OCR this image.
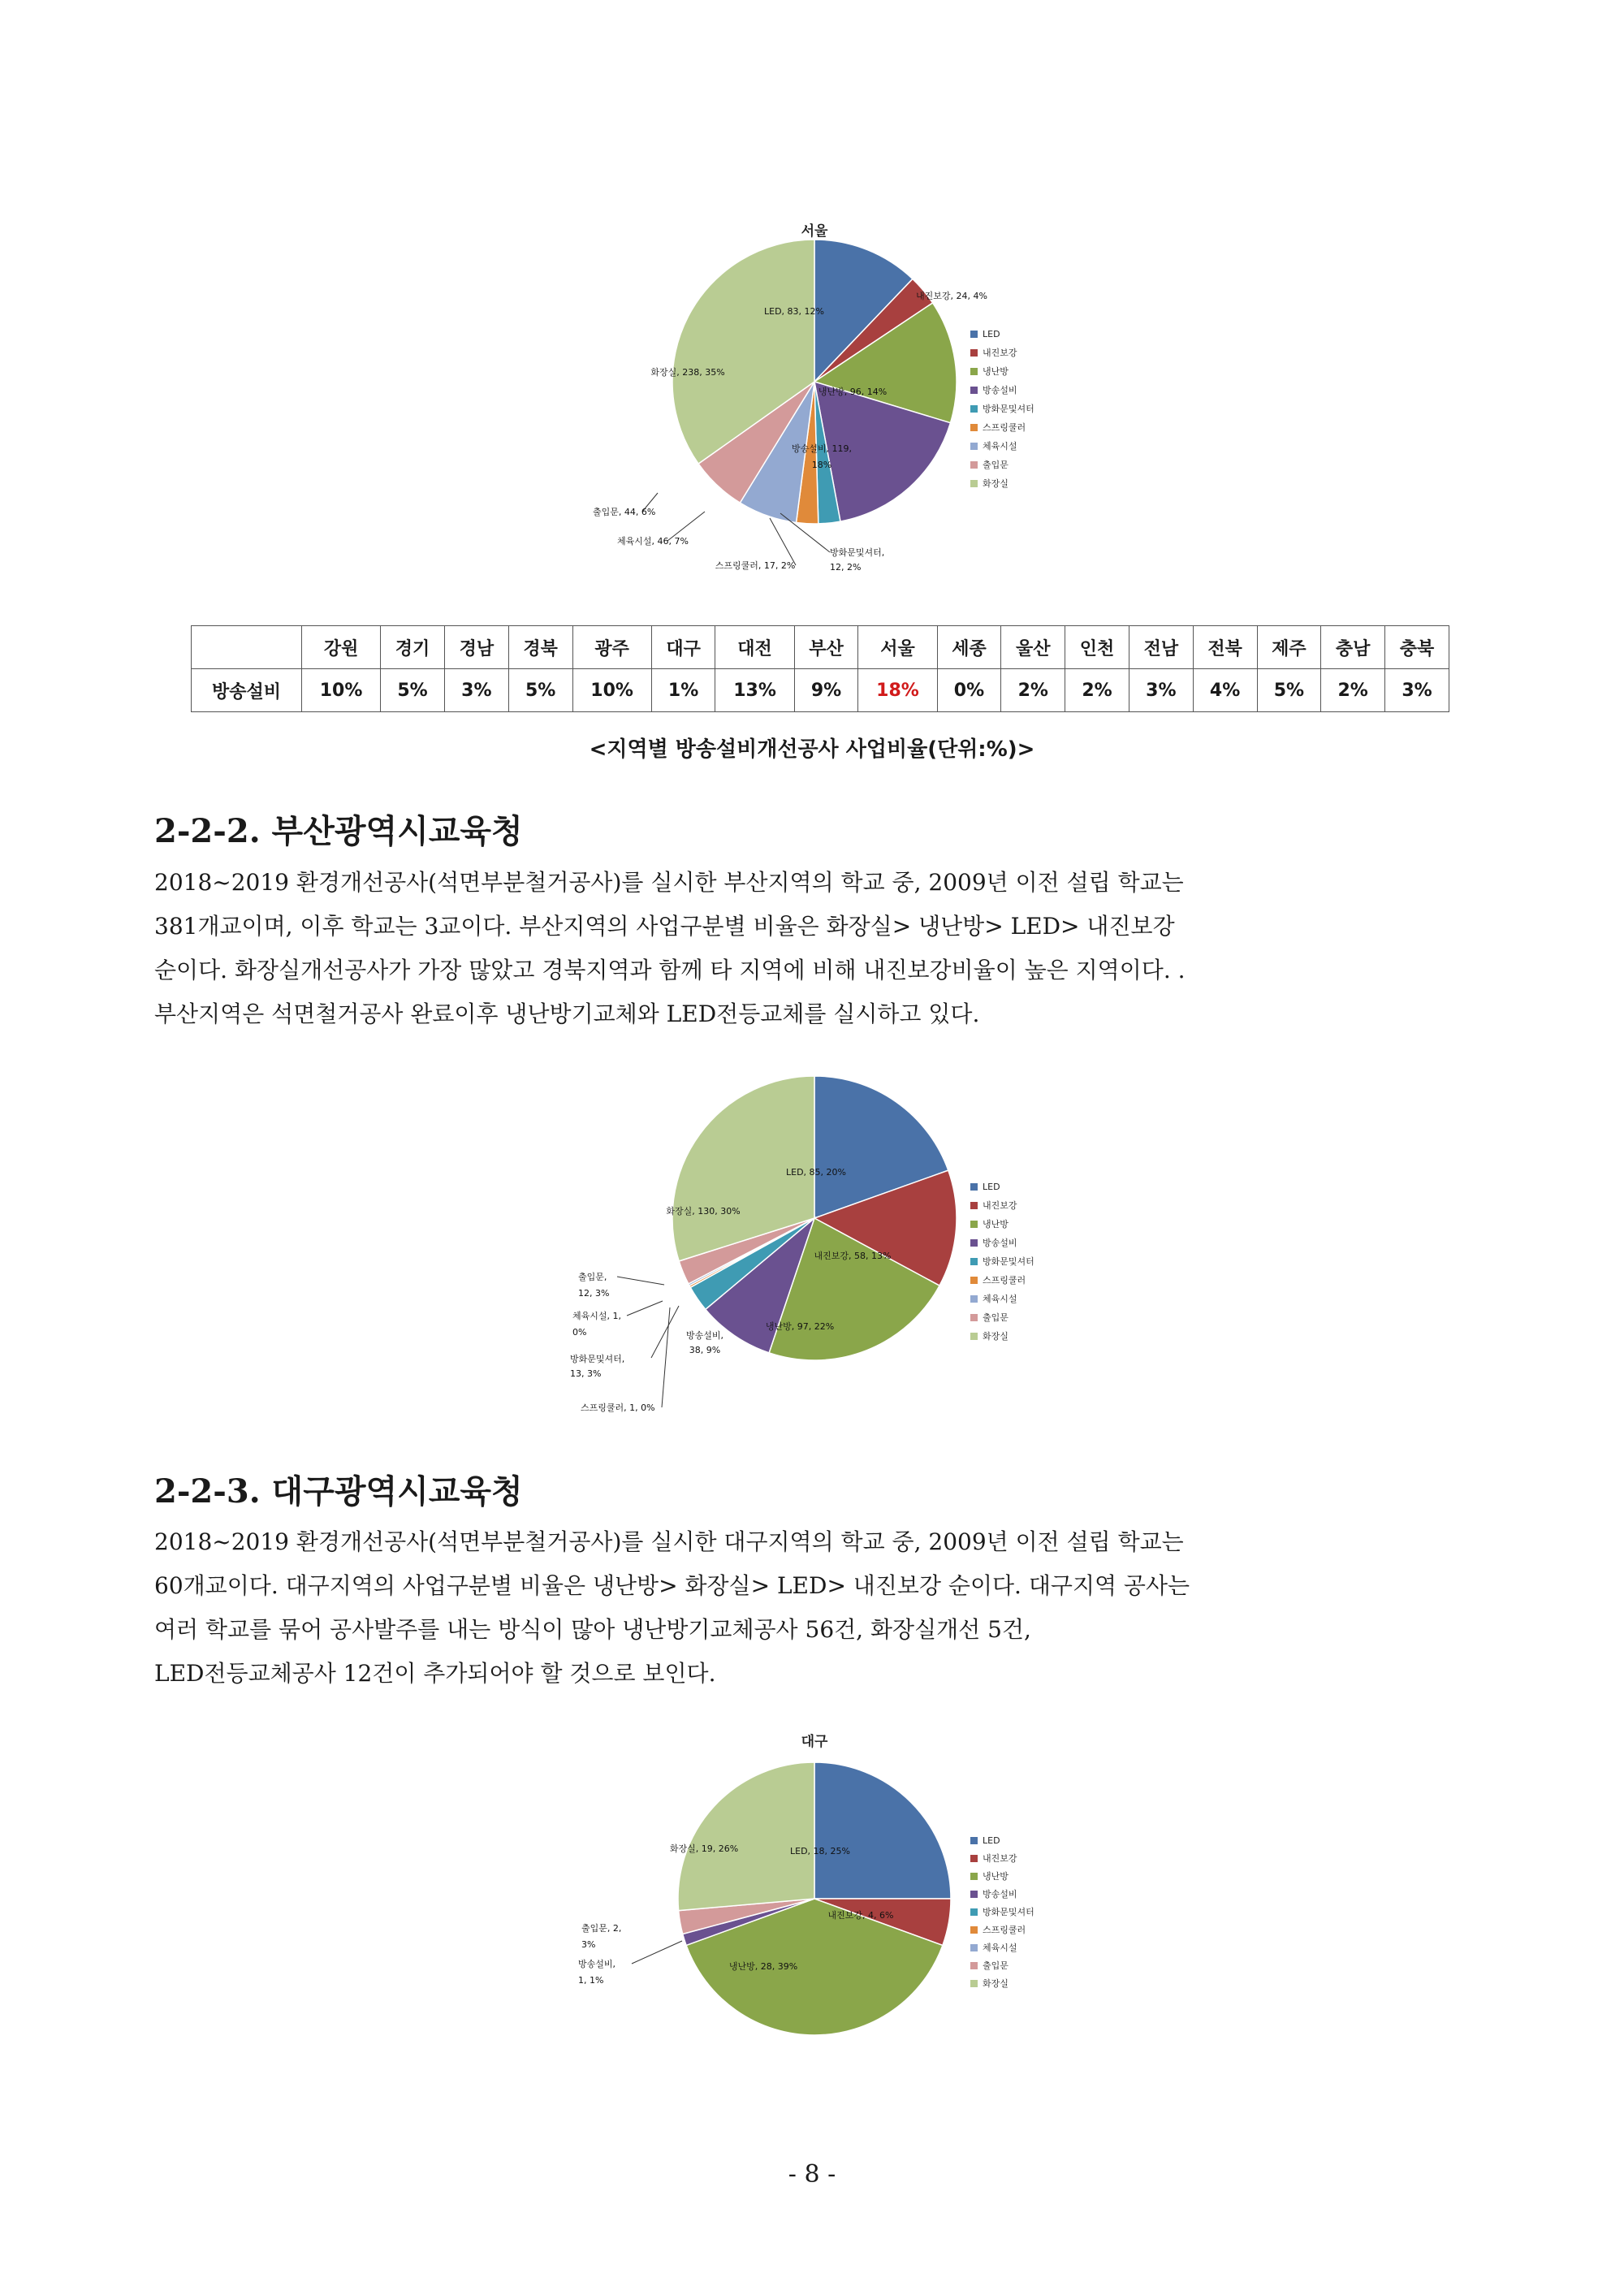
서울
LED, 83, 12%
내진보강, 24, 4%
냉난방, 96, 14%
방송설비, 119, 18%
방화문및셔터, 12, 2%
스프링쿨러, 17, 2%
체육시설, 46, 7%
출입문, 44, 6%
화장실, 238, 35%
LED
내진보강
냉난방
방송설비
방화문및셔터
스프링쿨러
체육시설
출입문
화장실
	강원	경기	경남	경북	광주	대구	대전	부산	서울	세종	울산	인천	전남	전북	제주	충남	충북
방송설비	10%	5%	3%	5%	10%	1%	13%	9%	18%	0%	2%	2%	3%	4%	5%	2%	3%
<지역별 방송설비개선공사 사업비율(단위:%)>
2-2-2. 부산광역시교육청

2018~2019 환경개선공사(석면부분철거공사)를 실시한 부산지역의 학교 중, 2009년 이전 설립 학교는

381개교이며, 이후 학교는 3교이다. 부산지역의 사업구분별 비율은 화장실> 냉난방> LED> 내진보강

순이다. 화장실개선공사가 가장 많았고 경북지역과 함께 타 지역에 비해 내진보강비율이 높은 지역이다. .

부산지역은 석면철거공사 완료이후 냉난방기교체와 LED전등교체를 실시하고 있다.

LED, 85, 20%
내진보강, 58, 13%
냉난방, 97, 22%
방송설비, 38, 9%
방화문및셔터, 13, 3%
스프링쿨러, 1, 0%
체육시설, 1, 0%
출입문, 12, 3%
화장실, 130, 30%
LED
내진보강
냉난방
방송설비
방화문및셔터
스프링쿨러
체육시설
출입문
화장실
2-2-3. 대구광역시교육청

2018~2019 환경개선공사(석면부분철거공사)를 실시한 대구지역의 학교 중, 2009년 이전 설립 학교는

60개교이다. 대구지역의 사업구분별 비율은 냉난방> 화장실> LED> 내진보강 순이다. 대구지역 공사는

여러 학교를 묶어 공사발주를 내는 방식이 많아 냉난방기교체공사 56건, 화장실개선 5건,

LED전등교체공사 12건이 추가되어야 할 것으로 보인다.

대구
LED, 18, 25%
내진보강, 4, 6%
냉난방, 28, 39%
방송설비, 1, 1%
출입문, 2, 3%
화장실, 19, 26%
LED
내진보강
냉난방
방송설비
방화문및셔터
스프링쿨러
체육시설
출입문
화장실
- 8 -
